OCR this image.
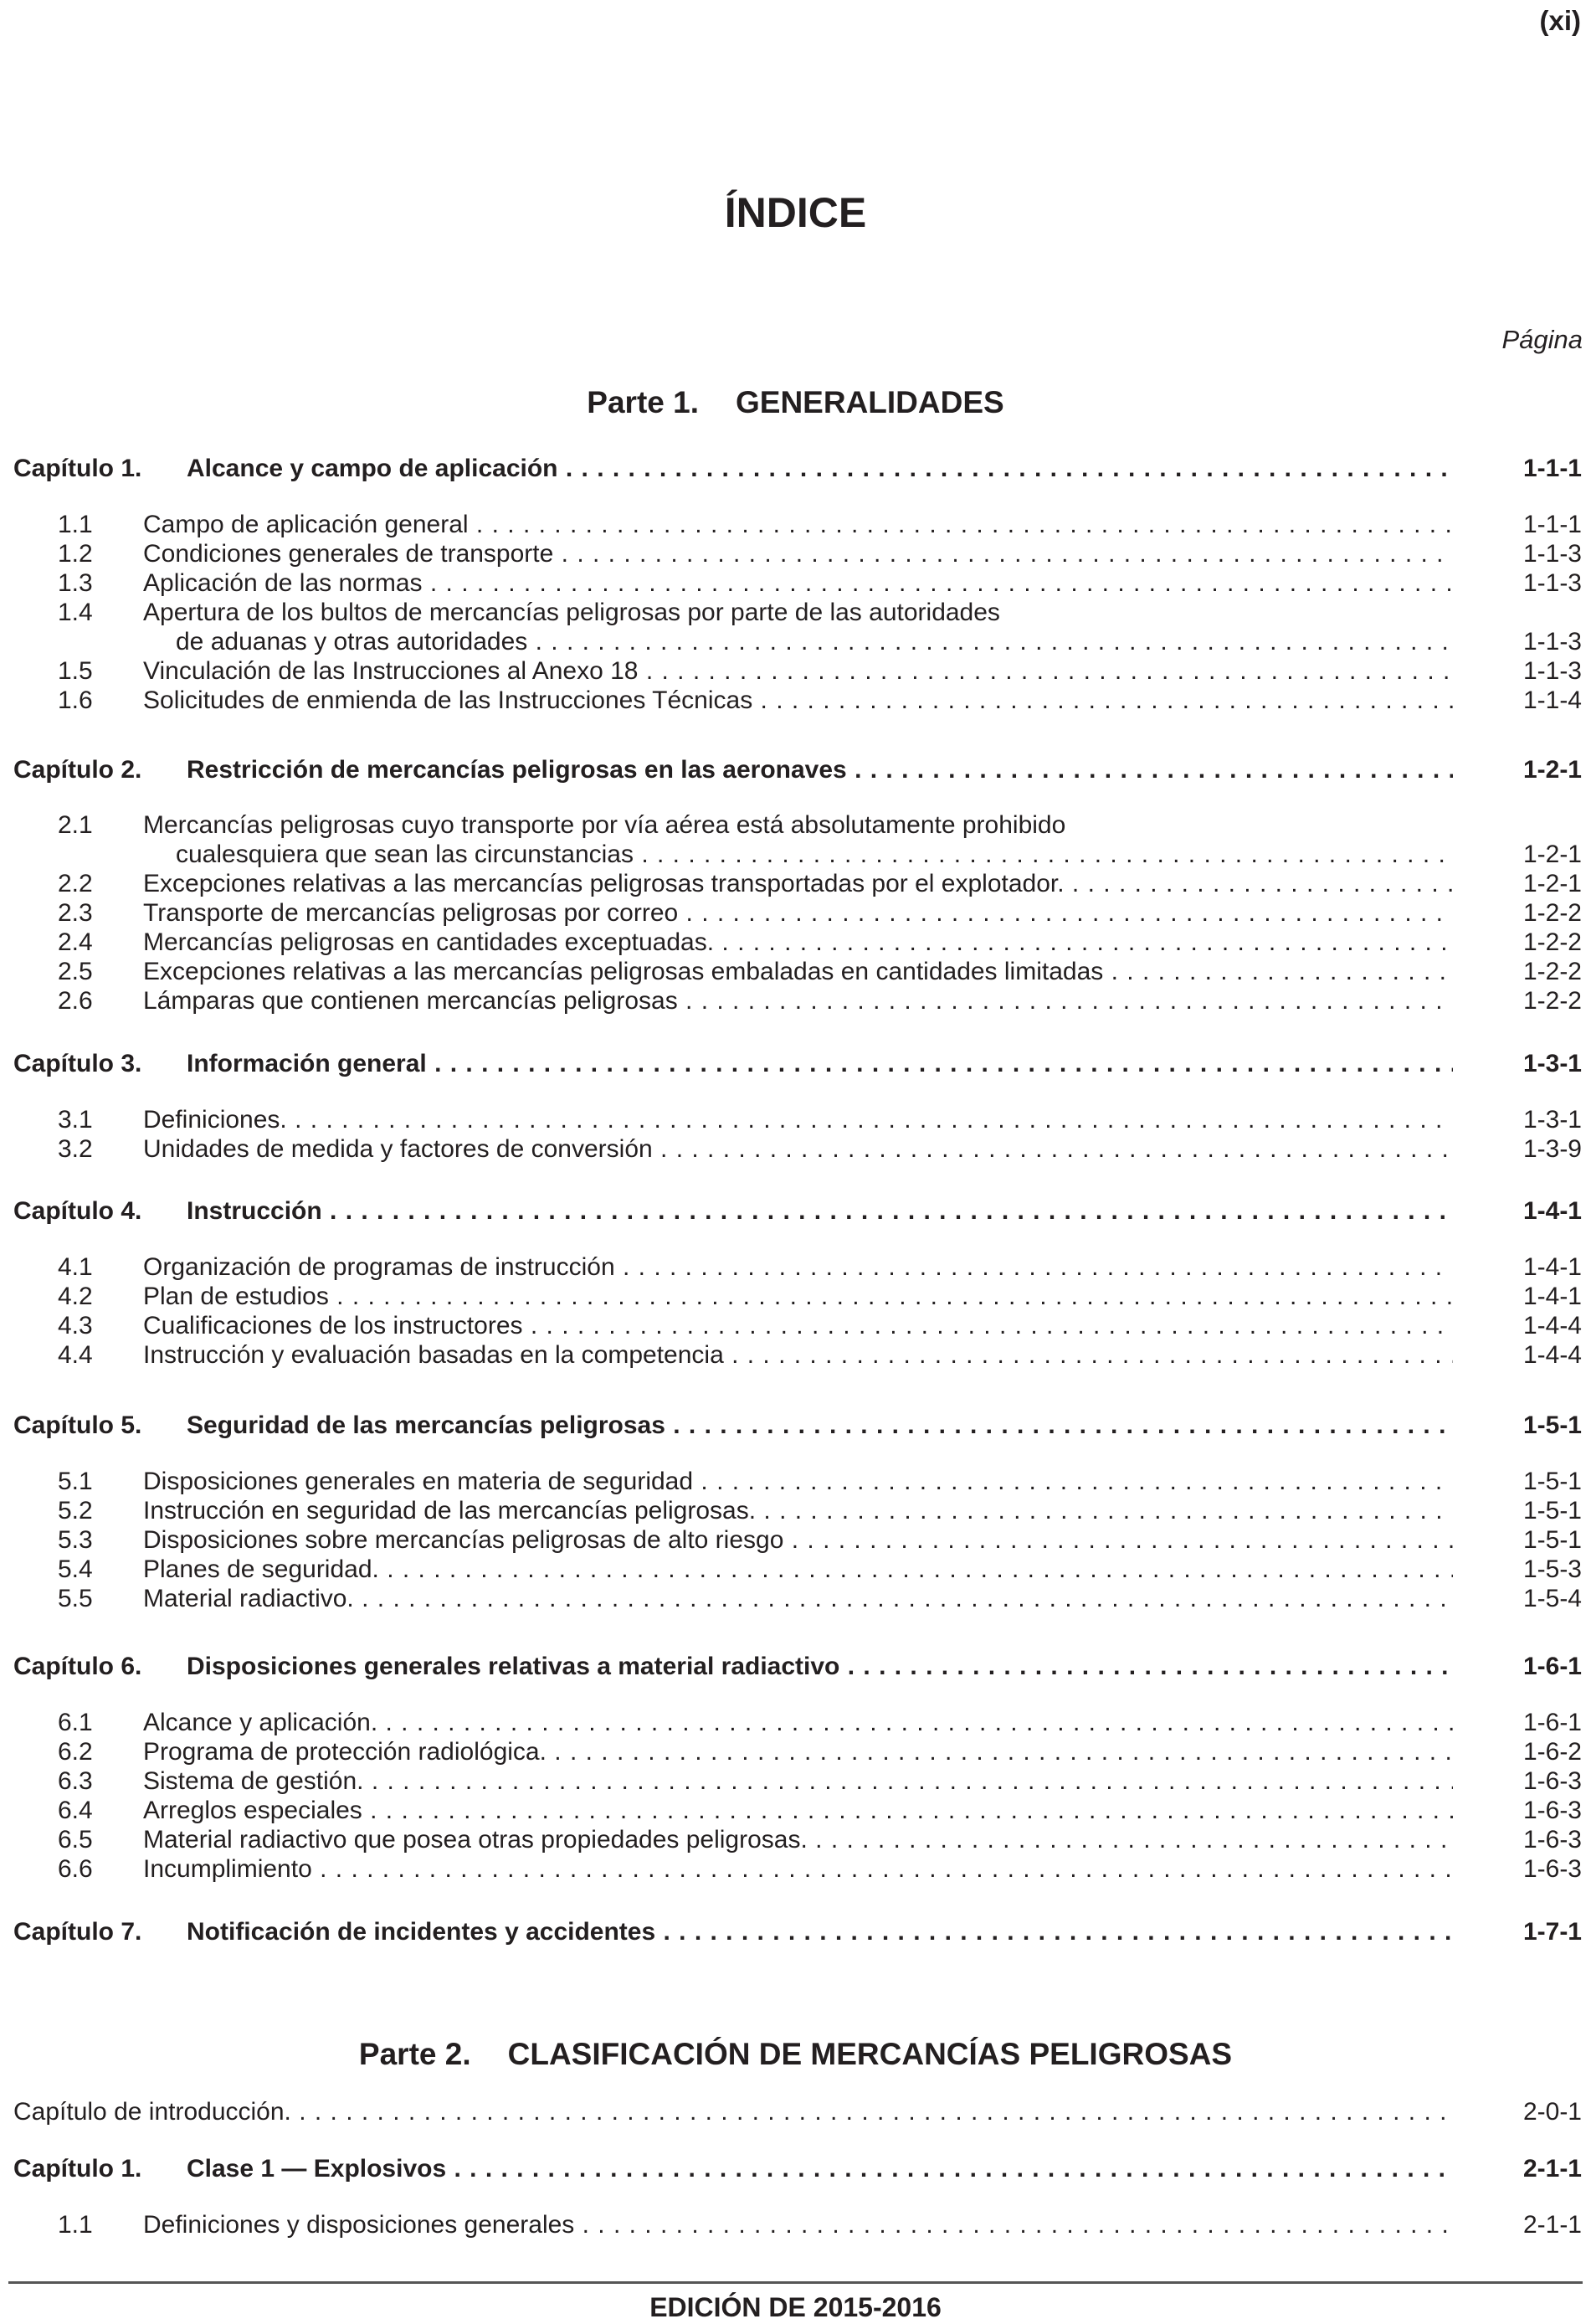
(xi)
ÍNDICE
Página
Parte 1. GENERALIDADES
Capítulo 1. Alcance y campo de aplicación . . .	1-1-1
1.1 Campo de aplicación general . . .	1-1-1
1.2 Condiciones generales de transporte . . .	1-1-3
1.3 Aplicación de las normas . . .	1-1-3
1.4 Apertura de los bultos de mercancías peligrosas por parte de las autoridades
de aduanas y otras autoridades . . .	1-1-3
1.5 Vinculación de las Instrucciones al Anexo 18 . . .	1-1-3
1.6 Solicitudes de enmienda de las Instrucciones Técnicas . . .	1-1-4
Capítulo 2. Restricción de mercancías peligrosas en las aeronaves . . .	1-2-1
2.1 Mercancías peligrosas cuyo transporte por vía aérea está absolutamente prohibido
cualesquiera que sean las circunstancias . . .	1-2-1
2.2 Excepciones relativas a las mercancías peligrosas transportadas por el explotador. . . .	1-2-1
2.3 Transporte de mercancías peligrosas por correo . . .	1-2-2
2.4 Mercancías peligrosas en cantidades exceptuadas. . . .	1-2-2
2.5 Excepciones relativas a las mercancías peligrosas embaladas en cantidades limitadas . . .	1-2-2
2.6 Lámparas que contienen mercancías peligrosas . . .	1-2-2
Capítulo 3. Información general . . .	1-3-1
3.1 Definiciones. . . .	1-3-1
3.2 Unidades de medida y factores de conversión . . .	1-3-9
Capítulo 4. Instrucción . . .	1-4-1
4.1 Organización de programas de instrucción . . .	1-4-1
4.2 Plan de estudios . . .	1-4-1
4.3 Cualificaciones de los instructores . . .	1-4-4
4.4 Instrucción y evaluación basadas en la competencia . . .	1-4-4
Capítulo 5. Seguridad de las mercancías peligrosas . . .	1-5-1
5.1 Disposiciones generales en materia de seguridad . . .	1-5-1
5.2 Instrucción en seguridad de las mercancías peligrosas. . . .	1-5-1
5.3 Disposiciones sobre mercancías peligrosas de alto riesgo . . .	1-5-1
5.4 Planes de seguridad. . . .	1-5-3
5.5 Material radiactivo. . . .	1-5-4
Capítulo 6. Disposiciones generales relativas a material radiactivo . . .	1-6-1
6.1 Alcance y aplicación. . . .	1-6-1
6.2 Programa de protección radiológica. . . .	1-6-2
6.3 Sistema de gestión. . . .	1-6-3
6.4 Arreglos especiales . . .	1-6-3
6.5 Material radiactivo que posea otras propiedades peligrosas. . . .	1-6-3
6.6 Incumplimiento . . .	1-6-3
Capítulo 7. Notificación de incidentes y accidentes . . .	1-7-1
Parte 2. CLASIFICACIÓN DE MERCANCÍAS PELIGROSAS
Capítulo de introducción. . . .	2-0-1
Capítulo 1. Clase 1 — Explosivos . . .	2-1-1
1.1 Definiciones y disposiciones generales . . .	2-1-1
EDICIÓN DE 2015-2016
